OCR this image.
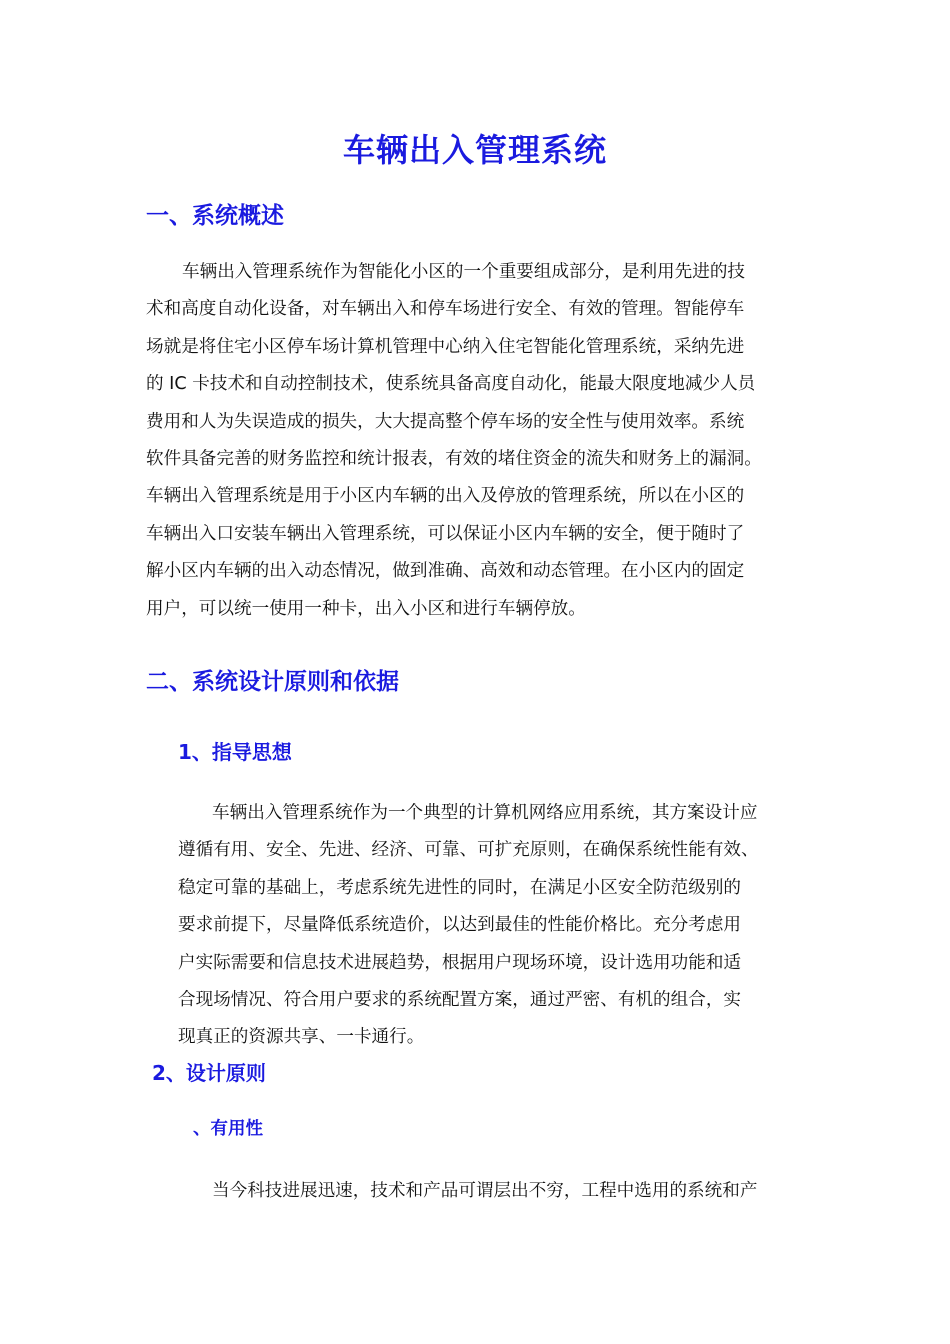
车辆出入管理系统
一、系统概述
车辆出入管理系统作为智能化小区的一个重要组成部分，是利用先进的技
术和高度自动化设备，对车辆出入和停车场进行安全、有效的管理。智能停车
场就是将住宅小区停车场计算机管理中心纳入住宅智能化管理系统，采纳先进
的 IC 卡技术和自动控制技术，使系统具备高度自动化，能最大限度地减少人员
费用和人为失误造成的损失，大大提高整个停车场的安全性与使用效率。系统
软件具备完善的财务监控和统计报表，有效的堵住资金的流失和财务上的漏洞。
车辆出入管理系统是用于小区内车辆的出入及停放的管理系统，所以在小区的
车辆出入口安装车辆出入管理系统，可以保证小区内车辆的安全，便于随时了
解小区内车辆的出入动态情况，做到准确、高效和动态管理。在小区内的固定
用户，可以统一使用一种卡，出入小区和进行车辆停放。
二、系统设计原则和依据
1、指导思想
车辆出入管理系统作为一个典型的计算机网络应用系统，其方案设计应
遵循有用、安全、先进、经济、可靠、可扩充原则，在确保系统性能有效、
稳定可靠的基础上，考虑系统先进性的同时，在满足小区安全防范级别的
要求前提下，尽量降低系统造价，以达到最佳的性能价格比。充分考虑用
户实际需要和信息技术进展趋势，根据用户现场环境，设计选用功能和适
合现场情况、符合用户要求的系统配置方案，通过严密、有机的组合，实
现真正的资源共享、一卡通行。
2、设计原则
、有用性
当今科技进展迅速，技术和产品可谓层出不穷，工程中选用的系统和产
